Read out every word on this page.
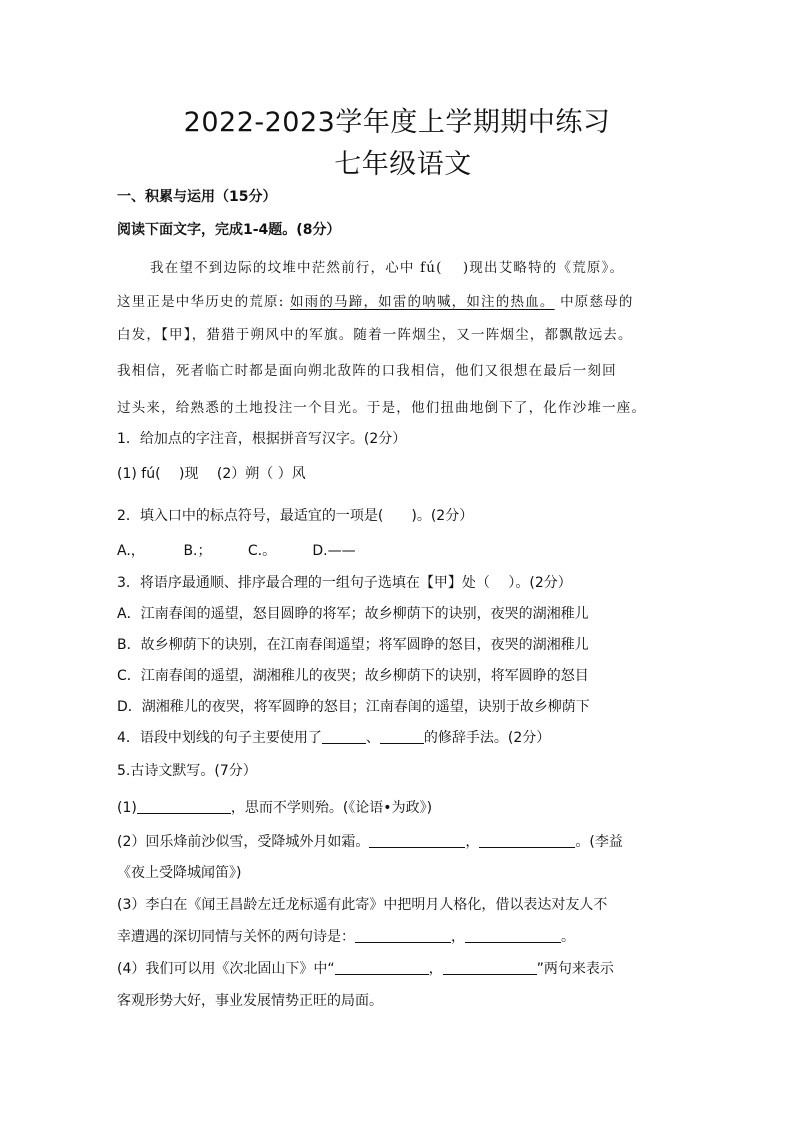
2022-2023学年度上学期期中练习
七年级语文
一、积累与运用（15分）
阅读下面文字，完成1-4题。(8分）
我在望不到边际的坟堆中茫然前行，心中 fú(　 )现出艾略特的《荒原》。
这里正是中华历史的荒原: 如雨的马蹄，如雷的呐喊，如注的热血。 中原慈母的
白发，【甲】，猎猎于朔风中的军旗。随着一阵烟尘，又一阵烟尘，都飘散远去。
我相信，死者临亡时都是面向朔北敌阵的口我相信，他们又很想在最后一刻回
过头来，给熟悉的土地投注一个目光。于是，他们扭曲地倒下了，化作沙堆一座。
1．给加点的字注音，根据拼音写汉字。(2分）
(1) fú(　 )现　 (2）朔（ ）风
2．填入口中的标点符号，最适宜的一项是(　　)。(2分）
A.，	B.；	C.。	D.——
3．将语序最通顺、排序最合理的一组句子选填在【甲】处（　 ）。(2分）
A．江南春闺的遥望，怒目圆睁的将军；故乡柳荫下的诀别，夜哭的湖湘稚儿
B．故乡柳荫下的诀别，在江南春闺遥望；将军圆睁的怒目，夜哭的湖湘稚儿
C．江南春闺的遥望，湖湘稚儿的夜哭；故乡柳荫下的诀别，将军圆睁的怒目
D．湖湘稚儿的夜哭，将军圆睁的怒目；江南春闺的遥望，诀别于故乡柳荫下
4．语段中划线的句子主要使用了	、	的修辞手法。(2分）
5.古诗文默写。(7分）
(1)	，思而不学则殆。(《论语•为政》)
(2）回乐烽前沙似雪，受降城外月如霜。	，	。(李益
《夜上受降城闻笛》)
(3）李白在《闻王昌龄左迁龙标遥有此寄》中把明月人格化，借以表达对友人不
幸遭遇的深切同情与关怀的两句诗是：	，	。
(4）我们可以用《次北固山下》中“	，	”两句来表示
客观形势大好，事业发展情势正旺的局面。
